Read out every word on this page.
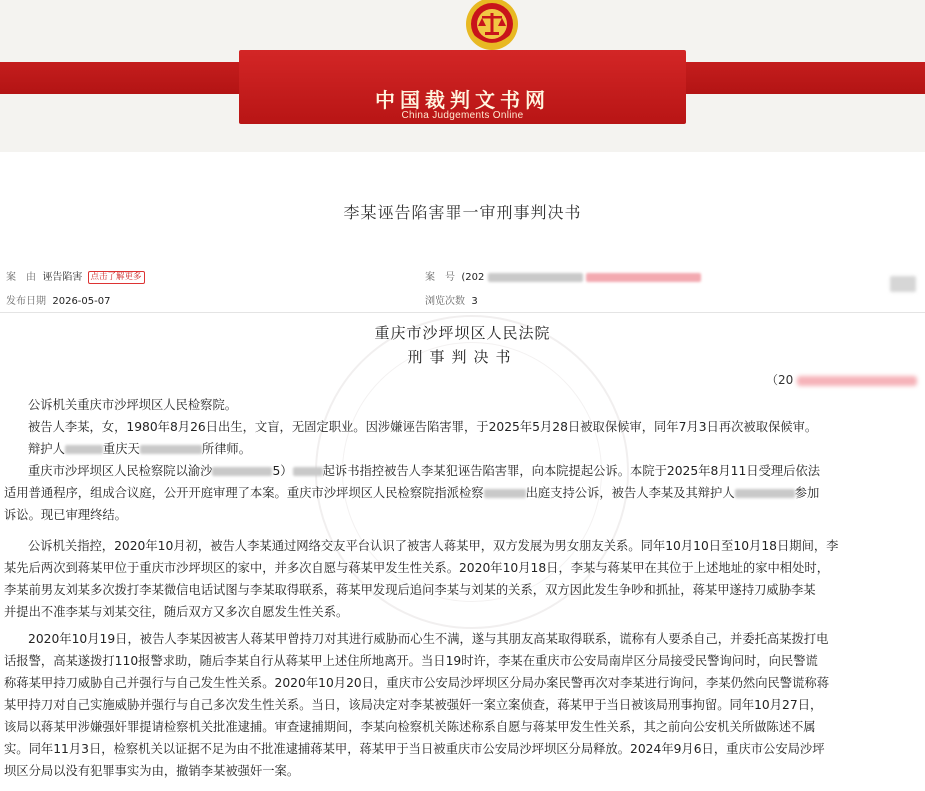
中国裁判文书网
China Judgements Online
李某诬告陷害罪一审刑事判决书
案　由 诬告陷害 点击了解更多	案　号 (202
发布日期 2026-05-07	浏览次数 3
重庆市沙坪坝区人民法院
刑事判决书
（20
公诉机关重庆市沙坪坝区人民检察院。
被告人李某，女，1980年8月26日出生，文盲，无固定职业。因涉嫌诬告陷害罪，于2025年5月28日被取保候审，同年7月3日再次被取保候审。
辩护人	重庆天	所律师。
重庆市沙坪坝区人民检察院以渝沙	5） 起诉书指控被告人李某犯诬告陷害罪，向本院提起公诉。本院于2025年8月11日受理后依法
适用普通程序，组成合议庭，公开开庭审理了本案。重庆市沙坪坝区人民检察院指派检察	出庭支持公诉，被告人李某及其辩护人	参加
诉讼。现已审理终结。
公诉机关指控，2020年10月初，被告人李某通过网络交友平台认识了被害人蒋某甲，双方发展为男女朋友关系。同年10月10日至10月18日期间，李
某先后两次到蒋某甲位于重庆市沙坪坝区的家中，并多次自愿与蒋某甲发生性关系。2020年10月18日，李某与蒋某甲在其位于上述地址的家中相处时，
李某前男友刘某多次拨打李某微信电话试图与李某取得联系，蒋某甲发现后追问李某与刘某的关系，双方因此发生争吵和抓扯，蒋某甲遂持刀威胁李某
并提出不准李某与刘某交往，随后双方又多次自愿发生性关系。
2020年10月19日，被告人李某因被害人蒋某甲曾持刀对其进行威胁而心生不满，遂与其朋友高某取得联系，谎称有人要杀自己，并委托高某拨打电
话报警，高某遂拨打110报警求助，随后李某自行从蒋某甲上述住所地离开。当日19时许，李某在重庆市公安局南岸区分局接受民警询问时，向民警谎
称蒋某甲持刀威胁自己并强行与自己发生性关系。2020年10月20日，重庆市公安局沙坪坝区分局办案民警再次对李某进行询问，李某仍然向民警谎称蒋
某甲持刀对自己实施威胁并强行与自己多次发生性关系。当日，该局决定对李某被强奸一案立案侦查，蒋某甲于当日被该局刑事拘留。同年10月27日，
该局以蒋某甲涉嫌强奸罪提请检察机关批准逮捕。审查逮捕期间，李某向检察机关陈述称系自愿与蒋某甲发生性关系，其之前向公安机关所做陈述不属
实。同年11月3日，检察机关以证据不足为由不批准逮捕蒋某甲，蒋某甲于当日被重庆市公安局沙坪坝区分局释放。2024年9月6日，重庆市公安局沙坪
坝区分局以没有犯罪事实为由，撤销李某被强奸一案。
